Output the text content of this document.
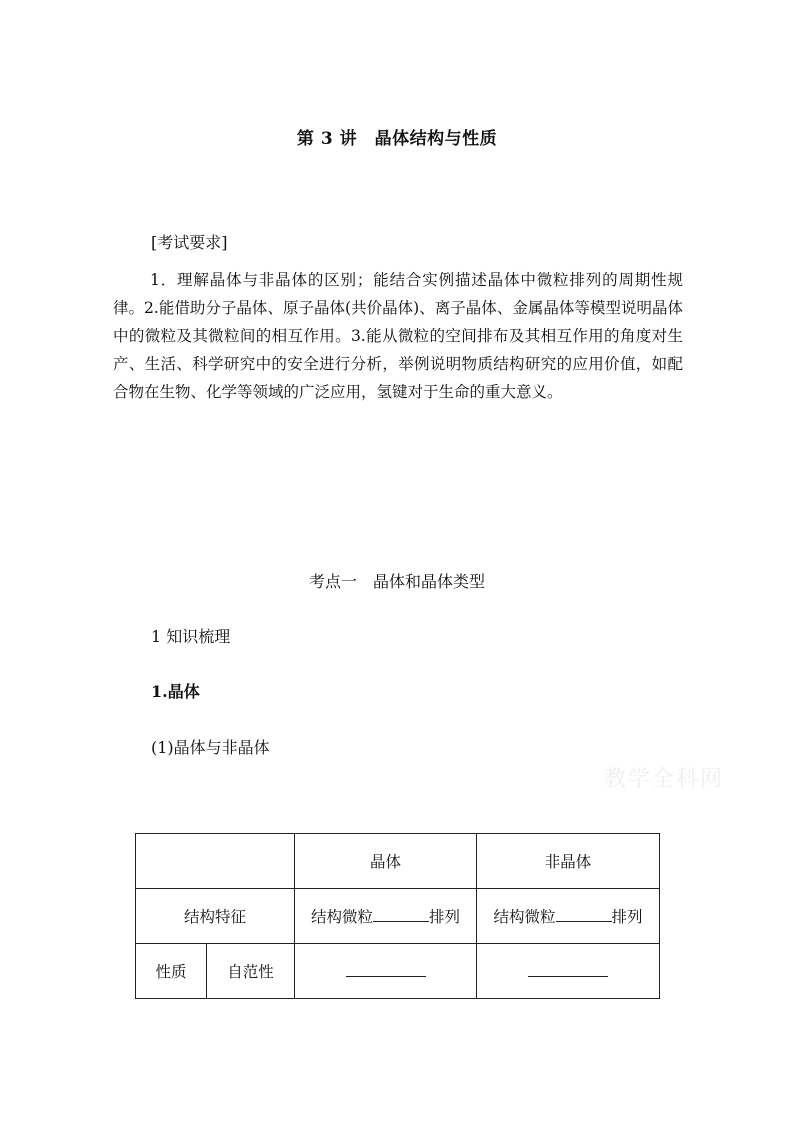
第 3 讲　晶体结构与性质
[考试要求]
1．理解晶体与非晶体的区别；能结合实例描述晶体中微粒排列的周期性规律。2.能借助分子晶体、原子晶体(共价晶体)、离子晶体、金属晶体等模型说明晶体中的微粒及其微粒间的相互作用。3.能从微粒的空间排布及其相互作用的角度对生产、生活、科学研究中的安全进行分析，举例说明物质结构研究的应用价值，如配合物在生物、化学等领域的广泛应用，氢键对于生命的重大意义。
考点一　晶体和晶体类型
1 知识梳理
1.晶体
(1)晶体与非晶体
教学全科网
		晶体	非晶体
结构特征		结构微粒 排列	结构微粒 排列
性质	自范性		
